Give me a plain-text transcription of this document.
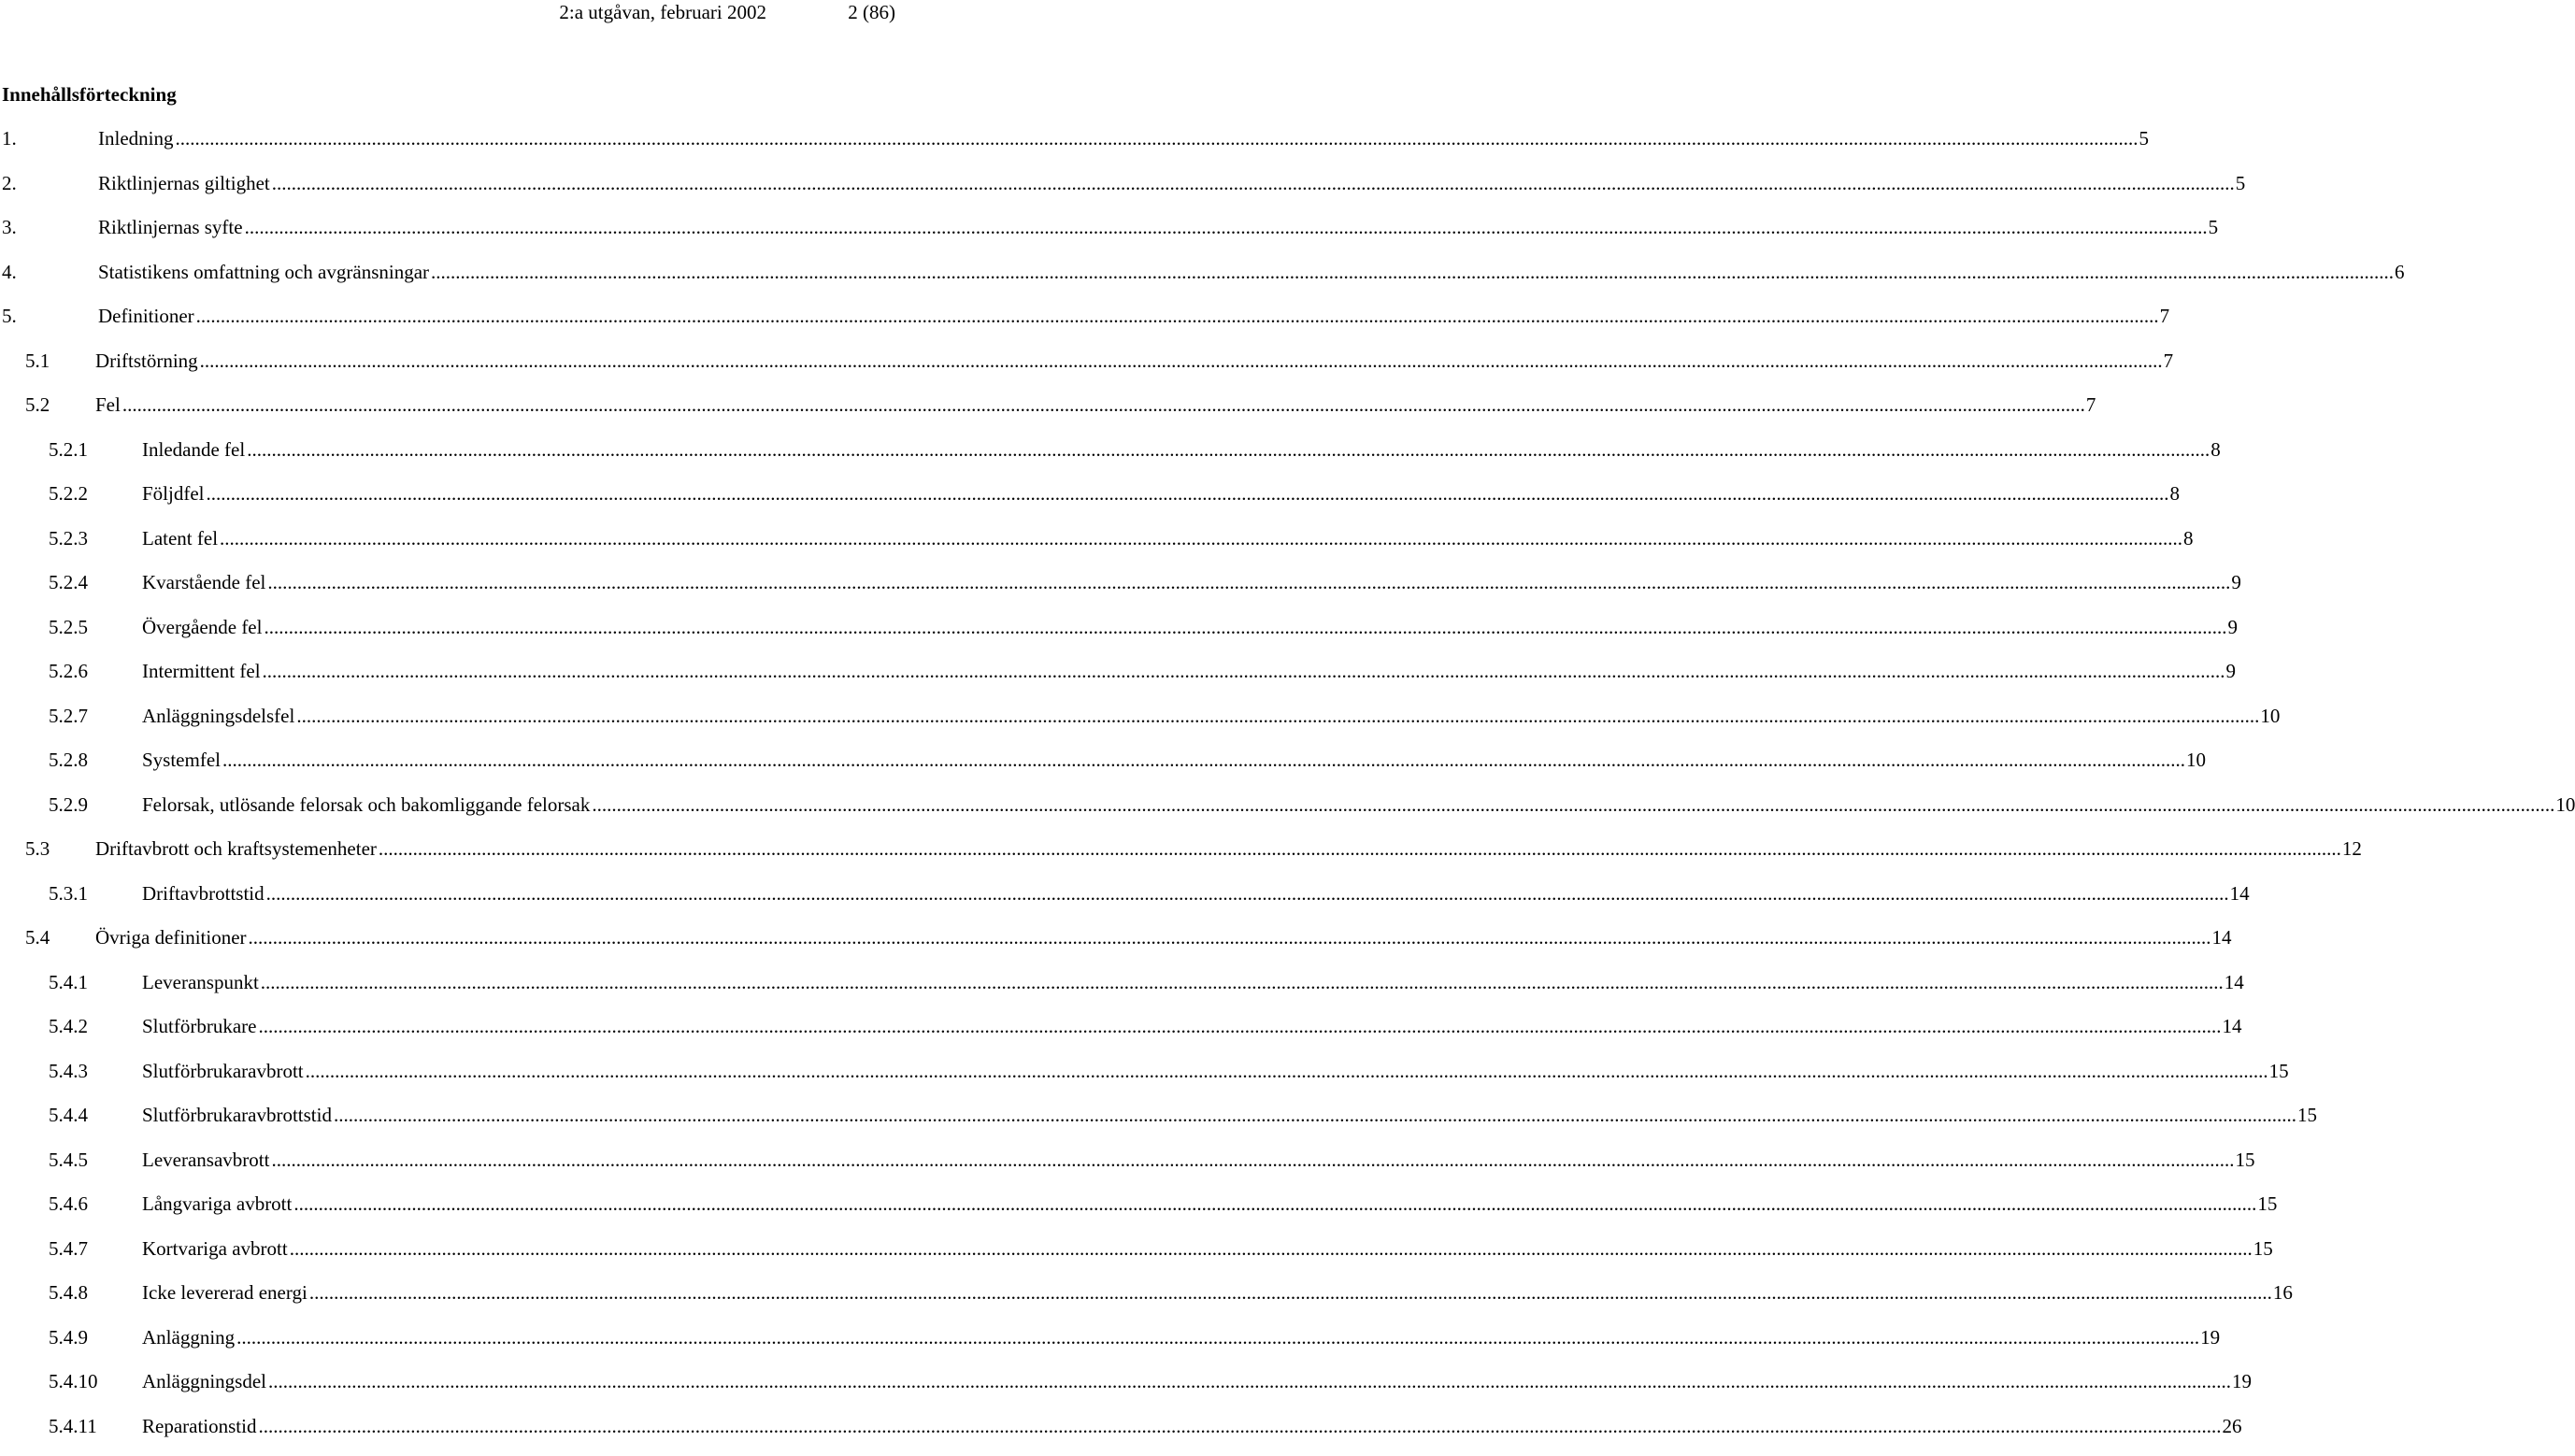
2:a utgåvan, februari 2002	2 (86)
Innehållsförteckning
1.	Inledning ................................................................................................................................................................................................................................................................................................................................................................................................................ 5
2.	Riktlinjernas giltighet ................................................................................................................................................................................................................................................................................................................................................................................................................ 5
3.	Riktlinjernas syfte ................................................................................................................................................................................................................................................................................................................................................................................................................ 5
4.	Statistikens omfattning och avgränsningar ................................................................................................................................................................................................................................................................................................................................................................................................................ 6
5.	Definitioner ................................................................................................................................................................................................................................................................................................................................................................................................................ 7
5.1 Driftstörning ................................................................................................................................................................................................................................................................................................................................................................................................................ 7
5.2 Fel ................................................................................................................................................................................................................................................................................................................................................................................................................ 7
5.2.1	Inledande fel ................................................................................................................................................................................................................................................................................................................................................................................................................ 8
5.2.2	Följdfel ................................................................................................................................................................................................................................................................................................................................................................................................................ 8
5.2.3	Latent fel ................................................................................................................................................................................................................................................................................................................................................................................................................ 8
5.2.4	Kvarstående fel ................................................................................................................................................................................................................................................................................................................................................................................................................ 9
5.2.5	Övergående fel ................................................................................................................................................................................................................................................................................................................................................................................................................ 9
5.2.6	Intermittent fel ................................................................................................................................................................................................................................................................................................................................................................................................................ 9
5.2.7	Anläggningsdelsfel ................................................................................................................................................................................................................................................................................................................................................................................................................ 10
5.2.8	Systemfel ................................................................................................................................................................................................................................................................................................................................................................................................................ 10
5.2.9	Felorsak, utlösande felorsak och bakomliggande felorsak ................................................................................................................................................................................................................................................................................................................................................................................................................ 10
5.3 Driftavbrott och kraftsystemenheter ................................................................................................................................................................................................................................................................................................................................................................................................................ 12
5.3.1	Driftavbrottstid ................................................................................................................................................................................................................................................................................................................................................................................................................ 14
5.4 Övriga definitioner ................................................................................................................................................................................................................................................................................................................................................................................................................ 14
5.4.1	Leveranspunkt ................................................................................................................................................................................................................................................................................................................................................................................................................ 14
5.4.2	Slutförbrukare ................................................................................................................................................................................................................................................................................................................................................................................................................ 14
5.4.3	Slutförbrukaravbrott ................................................................................................................................................................................................................................................................................................................................................................................................................ 15
5.4.4	Slutförbrukaravbrottstid ................................................................................................................................................................................................................................................................................................................................................................................................................ 15
5.4.5	Leveransavbrott ................................................................................................................................................................................................................................................................................................................................................................................................................ 15
5.4.6	Långvariga avbrott ................................................................................................................................................................................................................................................................................................................................................................................................................ 15
5.4.7	Kortvariga avbrott ................................................................................................................................................................................................................................................................................................................................................................................................................ 15
5.4.8	Icke levererad energi ................................................................................................................................................................................................................................................................................................................................................................................................................ 16
5.4.9	Anläggning ................................................................................................................................................................................................................................................................................................................................................................................................................ 19
5.4.10 Anläggningsdel ................................................................................................................................................................................................................................................................................................................................................................................................................ 19
5.4.11 Reparationstid ................................................................................................................................................................................................................................................................................................................................................................................................................ 26
